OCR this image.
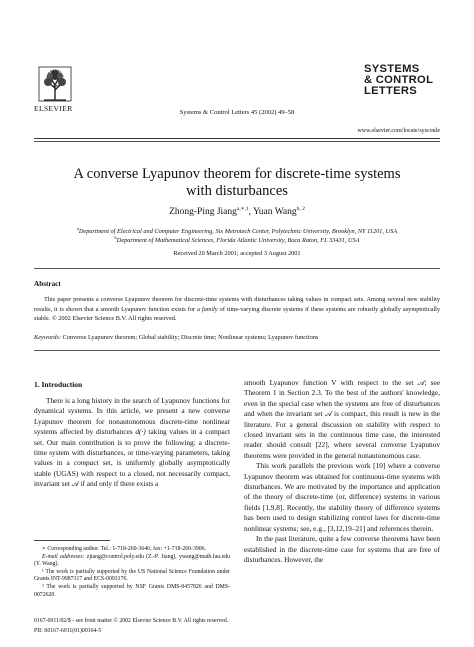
ELSEVIER	Systems & Control Letters 45 (2002) 49–58
SYSTEMS
& CONTROL
LETTERS
www.elsevier.com/locate/sysconle
A converse Lyapunov theorem for discrete-time systems
with disturbances
Zhong-Ping Jiang$^{a,∗,1}$, Yuan Wang$^{b, 2}$
$^a$Department of Electrical and Computer Engineering, Six Metrotech Center, Polytechnic University, Brooklyn, NY 11201, USA
$^b$Department of Mathematical Sciences, Florida Atlantic University, Boca Raton, FL 33431, USA
Received 20 March 2001; accepted 3 August 2001
Abstract
This paper presents a converse Lyapunov theorem for discrete-time systems with disturbances taking values in compact sets. Among several new stability results, it is shown that a smooth Lyapunov function exists for a family of time-varying discrete systems if these systems are robustly globally asymptotically stable. © 2002 Elsevier Science B.V. All rights reserved.
Keywords: Converse Lyapunov theorem; Global stability; Discrete time; Nonlinear systems; Lyapunov functions
1. Introduction
There is a long history in the search of Lyapunov functions for dynamical systems. In this article, we present a new converse Lyapunov theorem for nonautonomous discrete-time nonlinear systems affected by disturbances d(·) taking values in a compact set. Our main contribution is to prove the following: a discrete-time system with disturbances, or time-varying parameters, taking values in a compact set, is uniformly globally asymptotically stable (UGAS) with respect to a closed, not necessarily compact, invariant set 𝒜 if and only if there exists a
∗ Corresponding author. Tel.: 1-718-260-3646; fax: +1-718-260-3906.
E-mail addresses: zjiang@control.poly.edu (Z.-P. Jiang), ywang@math.fau.edu (Y. Wang).
¹ The work is partially supported by the US National Science Foundation under Grants INT-9987317 and ECS-0093176.
² The work is partially supported by NSF Grants DMS-0457826 and DMS-0072620.
smooth Lyapunov function V with respect to the set 𝒜; see Theorem 1 in Section 2.3. To the best of the authors' knowledge, even in the special case when the systems are free of disturbances and when the invariant set 𝒜 is compact, this result is new in the literature. For a general discussion on stability with respect to closed invariant sets in the continuous time case, the interested reader should consult [22], where several converse Lyapunov theorems were provided in the general nonautonomous case.
This work parallels the previous work [10] where a converse Lyapunov theorem was obtained for continuous-time systems with disturbances. We are motivated by the importance and application of the theory of discrete-time (or, difference) systems in various fields [1,9,8]. Recently, the stability theory of difference systems has been used to design stabilizing control laws for discrete-time nonlinear systems; see, e.g., [3,12,19–21] and references therein.
In the past literature, quite a few converse theorems have been established in the discrete-time case for systems that are free of disturbances. However, the
0167-6911/02/$ - see front matter © 2002 Elsevier Science B.V. All rights reserved.
PII: S0167-6911(01)00164-5
